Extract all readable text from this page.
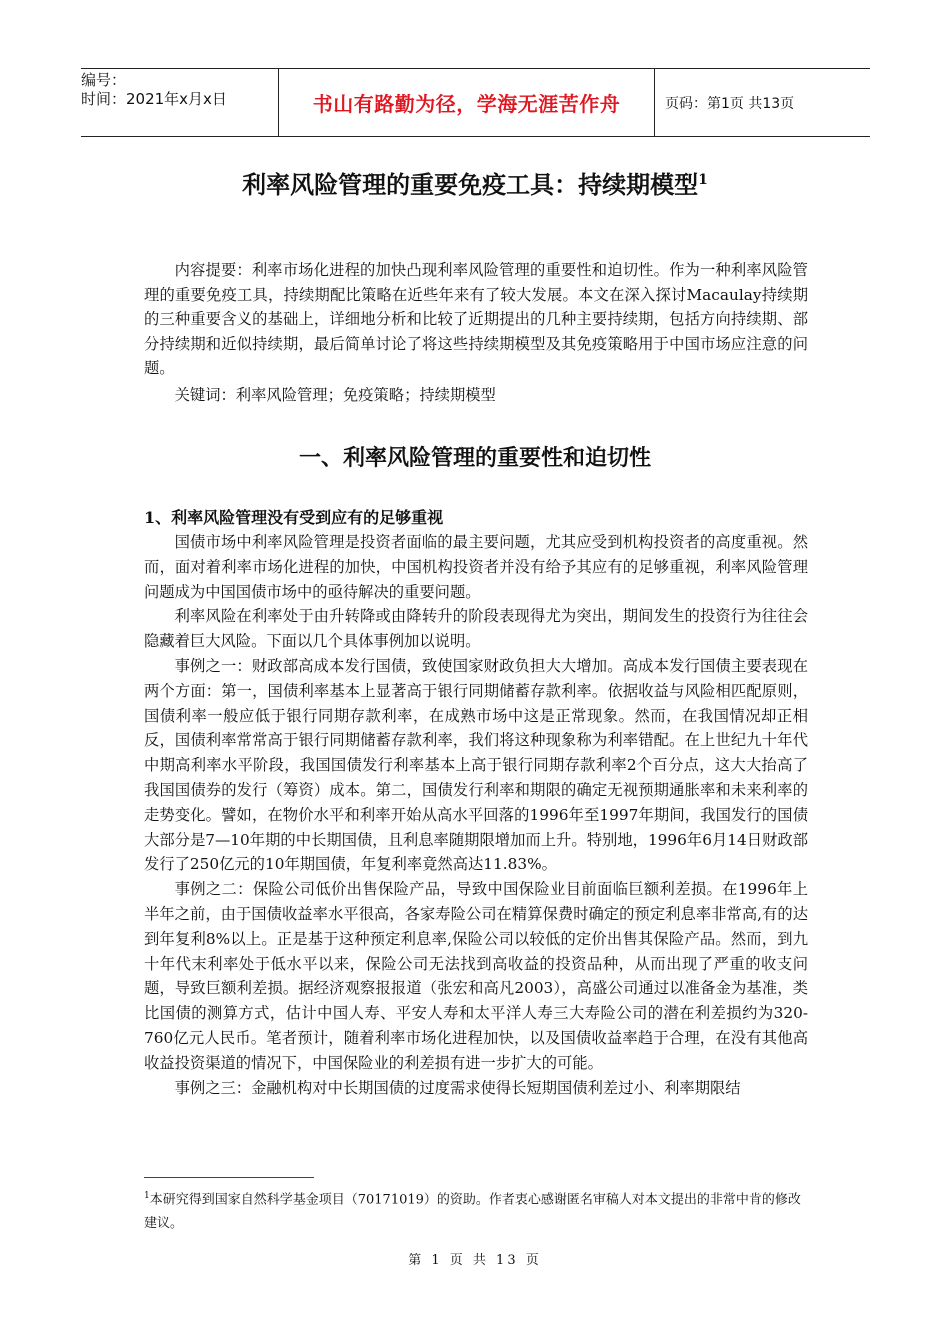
编号：
时间：2021年x月x日	书山有路勤为径，学海无涯苦作舟	页码：第1页 共13页
利率风险管理的重要免疫工具：持续期模型$^1$

内容提要：利率市场化进程的加快凸现利率风险管理的重要性和迫切性。作为一种利率风险管理的重要免疫工具，持续期配比策略在近些年来有了较大发展。本文在深入探讨Macaulay持续期的三种重要含义的基础上，详细地分析和比较了近期提出的几种主要持续期，包括方向持续期、部分持续期和近似持续期，最后简单讨论了将这些持续期模型及其免疫策略用于中国市场应注意的问题。

关键词：利率风险管理；免疫策略；持续期模型

一、利率风险管理的重要性和迫切性
1、利率风险管理没有受到应有的足够重视

国债市场中利率风险管理是投资者面临的最主要问题，尤其应受到机构投资者的高度重视。然而，面对着利率市场化进程的加快，中国机构投资者并没有给予其应有的足够重视，利率风险管理问题成为中国国债市场中的亟待解决的重要问题。

利率风险在利率处于由升转降或由降转升的阶段表现得尤为突出，期间发生的投资行为往往会隐藏着巨大风险。下面以几个具体事例加以说明。

事例之一：财政部高成本发行国债，致使国家财政负担大大增加。高成本发行国债主要表现在两个方面：第一，国债利率基本上显著高于银行同期储蓄存款利率。依据收益与风险相匹配原则，国债利率一般应低于银行同期存款利率，在成熟市场中这是正常现象。然而，在我国情况却正相反，国债利率常常高于银行同期储蓄存款利率，我们将这种现象称为利率错配。在上世纪九十年代中期高利率水平阶段，我国国债发行利率基本上高于银行同期存款利率2个百分点，这大大抬高了我国国债券的发行（筹资）成本。第二，国债发行利率和期限的确定无视预期通胀率和未来利率的走势变化。譬如，在物价水平和利率开始从高水平回落的1996年至1997年期间，我国发行的国债大部分是7—10年期的中长期国债，且利息率随期限增加而上升。特别地，1996年6月14日财政部发行了250亿元的10年期国债，年复利率竟然高达11.83%。

事例之二：保险公司低价出售保险产品，导致中国保险业目前面临巨额利差损。在1996年上半年之前，由于国债收益率水平很高，各家寿险公司在精算保费时确定的预定利息率非常高,有的达到年复利8%以上。正是基于这种预定利息率,保险公司以较低的定价出售其保险产品。然而，到九十年代末利率处于低水平以来，保险公司无法找到高收益的投资品种，从而出现了严重的收支问题，导致巨额利差损。据经济观察报报道（张宏和高凡2003），高盛公司通过以准备金为基准，类比国债的测算方式，估计中国人寿、平安人寿和太平洋人寿三大寿险公司的潜在利差损约为320-760亿元人民币。笔者预计，随着利率市场化进程加快，以及国债收益率趋于合理，在没有其他高收益投资渠道的情况下，中国保险业的利差损有进一步扩大的可能。

事例之三：金融机构对中长期国债的过度需求使得长短期国债利差过小、利率期限结

$^1$本研究得到国家自然科学基金项目（70171019）的资助。作者衷心感谢匿名审稿人对本文提出的非常中肯的修改建议。
第 1 页 共 13 页
